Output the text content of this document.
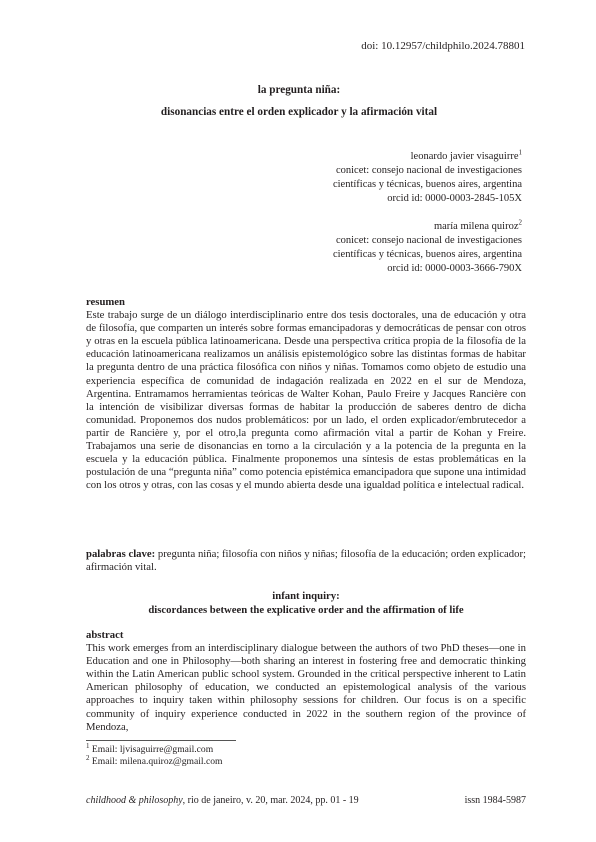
doi: 10.12957/childphilo.2024.78801
la pregunta niña:
disonancias entre el orden explicador y la afirmación vital
leonardo javier visaguirre$^1$
conicet: consejo nacional de investigaciones
científicas y técnicas, buenos aires, argentina
orcid id: 0000-0003-2845-105X
maría milena quiroz$^2$
conicet: consejo nacional de investigaciones
científicas y técnicas, buenos aires, argentina
orcid id: 0000-0003-3666-790X
resumen
Este trabajo surge de un diálogo interdisciplinario entre dos tesis doctorales, una de educación y otra de filosofía, que comparten un interés sobre formas emancipadoras y democráticas de pensar con otros y otras en la escuela pública latinoamericana. Desde una perspectiva crítica propia de la filosofía de la educación latinoamericana realizamos un análisis epistemológico sobre las distintas formas de habitar la pregunta dentro de una práctica filosófica con niños y niñas. Tomamos como objeto de estudio una experiencia específica de comunidad de indagación realizada en 2022 en el sur de Mendoza, Argentina. Entramamos herramientas teóricas de Walter Kohan, Paulo Freire y Jacques Rancière con la intención de visibilizar diversas formas de habitar la producción de saberes dentro de dicha comunidad. Proponemos dos nudos problemáticos: por un lado, el orden explicador/embrutecedor a partir de Rancière y, por el otro,la pregunta como afirmación vital a partir de Kohan y Freire. Trabajamos una serie de disonancias en torno a la circulación y a la potencia de la pregunta en la escuela y la educación pública. Finalmente proponemos una síntesis de estas problemáticas en la postulación de una “pregunta niña” como potencia epistémica emancipadora que supone una intimidad con los otros y otras, con las cosas y el mundo abierta desde una igualdad política e intelectual radical.
palabras clave: pregunta niña; filosofía con niños y niñas; filosofía de la educación; orden explicador; afirmación vital.
infant inquiry:
discordances between the explicative order and the affirmation of life
abstract
This work emerges from an interdisciplinary dialogue between the authors of two PhD theses—one in Education and one in Philosophy—both sharing an interest in fostering free and democratic thinking within the Latin American public school system. Grounded in the critical perspective inherent to Latin American philosophy of education, we conducted an epistemological analysis of the various approaches to inquiry taken within philosophy sessions for children. Our focus is on a specific community of inquiry experience conducted in 2022 in the southern region of the province of Mendoza,
$^1$ Email: ljvisaguirre@gmail.com
$^2$ Email: milena.quiroz@gmail.com
childhood & philosophy, rio de janeiro, v. 20, mar. 2024, pp. 01 - 19	issn 1984-5987
